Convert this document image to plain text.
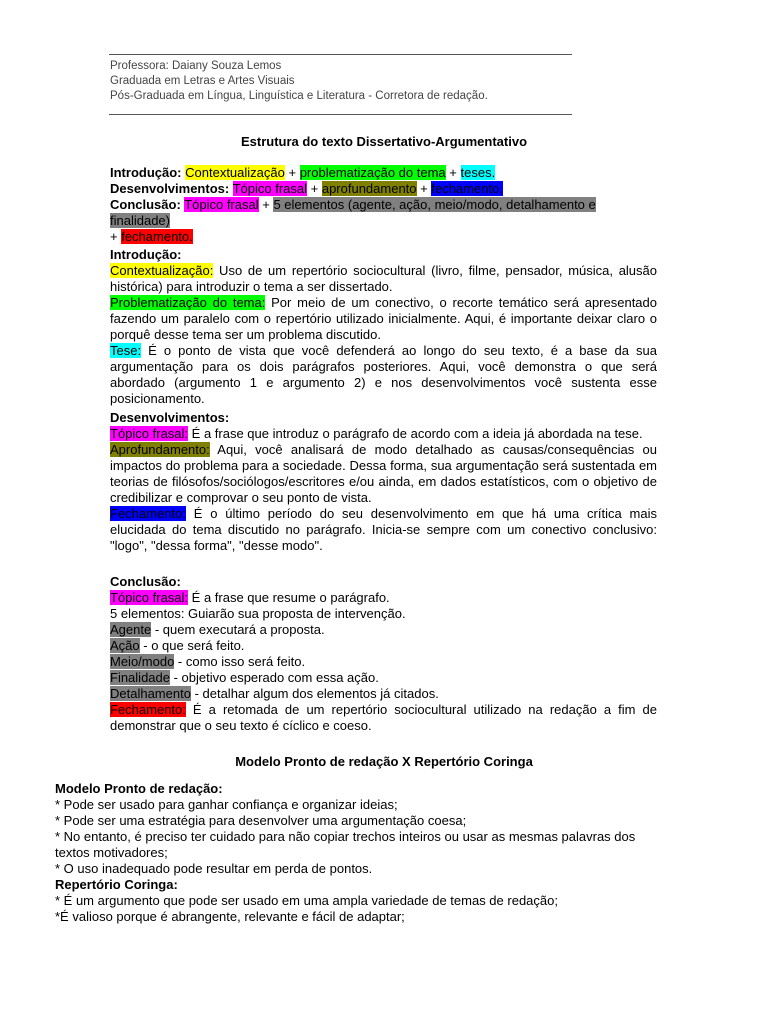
Professora: Daiany Souza Lemos
Graduada em Letras e Artes Visuais
Pós-Graduada em Língua, Linguística e Literatura - Corretora de redação.
Estrutura do texto Dissertativo-Argumentativo

Introdução: Contextualização + problematização do tema + teses.

Desenvolvimentos: Tópico frasal + aprofundamento + fechamento.

Conclusão: Tópico frasal + 5 elementos (agente, ação, meio/modo, detalhamento e finalidade)
+ fechamento.

Introdução:

Contextualização: Uso de um repertório sociocultural (livro, filme, pensador, música, alusão histórica) para introduzir o tema a ser dissertado.

Problematização do tema: Por meio de um conectivo, o recorte temático será apresentado fazendo um paralelo com o repertório utilizado inicialmente. Aqui, é importante deixar claro o porquê desse tema ser um problema discutido.

Tese: É o ponto de vista que você defenderá ao longo do seu texto, é a base da sua argumentação para os dois parágrafos posteriores. Aqui, você demonstra o que será abordado (argumento 1 e argumento 2) e nos desenvolvimentos você sustenta esse posicionamento.

Desenvolvimentos:

Tópico frasal: É a frase que introduz o parágrafo de acordo com a ideia já abordada na tese.

Aprofundamento: Aqui, você analisará de modo detalhado as causas/consequências ou impactos do problema para a sociedade. Dessa forma, sua argumentação será sustentada em teorias de filósofos/sociólogos/escritores e/ou ainda, em dados estatísticos, com o objetivo de credibilizar e comprovar o seu ponto de vista.

Fechamento: É o último período do seu desenvolvimento em que há uma crítica mais elucidada do tema discutido no parágrafo. Inicia-se sempre com um conectivo conclusivo: "logo", "dessa forma", "desse modo".

Conclusão:

Tópico frasal: É a frase que resume o parágrafo.

5 elementos: Guiarão sua proposta de intervenção.

Agente - quem executará a proposta.

Ação - o que será feito.

Meio/modo - como isso será feito.

Finalidade - objetivo esperado com essa ação.

Detalhamento - detalhar algum dos elementos já citados.

Fechamento: É a retomada de um repertório sociocultural utilizado na redação a fim de demonstrar que o seu texto é cíclico e coeso.

Modelo Pronto de redação X Repertório Coringa

Modelo Pronto de redação:

* Pode ser usado para ganhar confiança e organizar ideias;

* Pode ser uma estratégia para desenvolver uma argumentação coesa;

* No entanto, é preciso ter cuidado para não copiar trechos inteiros ou usar as mesmas palavras dos textos motivadores;

* O uso inadequado pode resultar em perda de pontos.

Repertório Coringa:

* É um argumento que pode ser usado em uma ampla variedade de temas de redação;

*É valioso porque é abrangente, relevante e fácil de adaptar;
